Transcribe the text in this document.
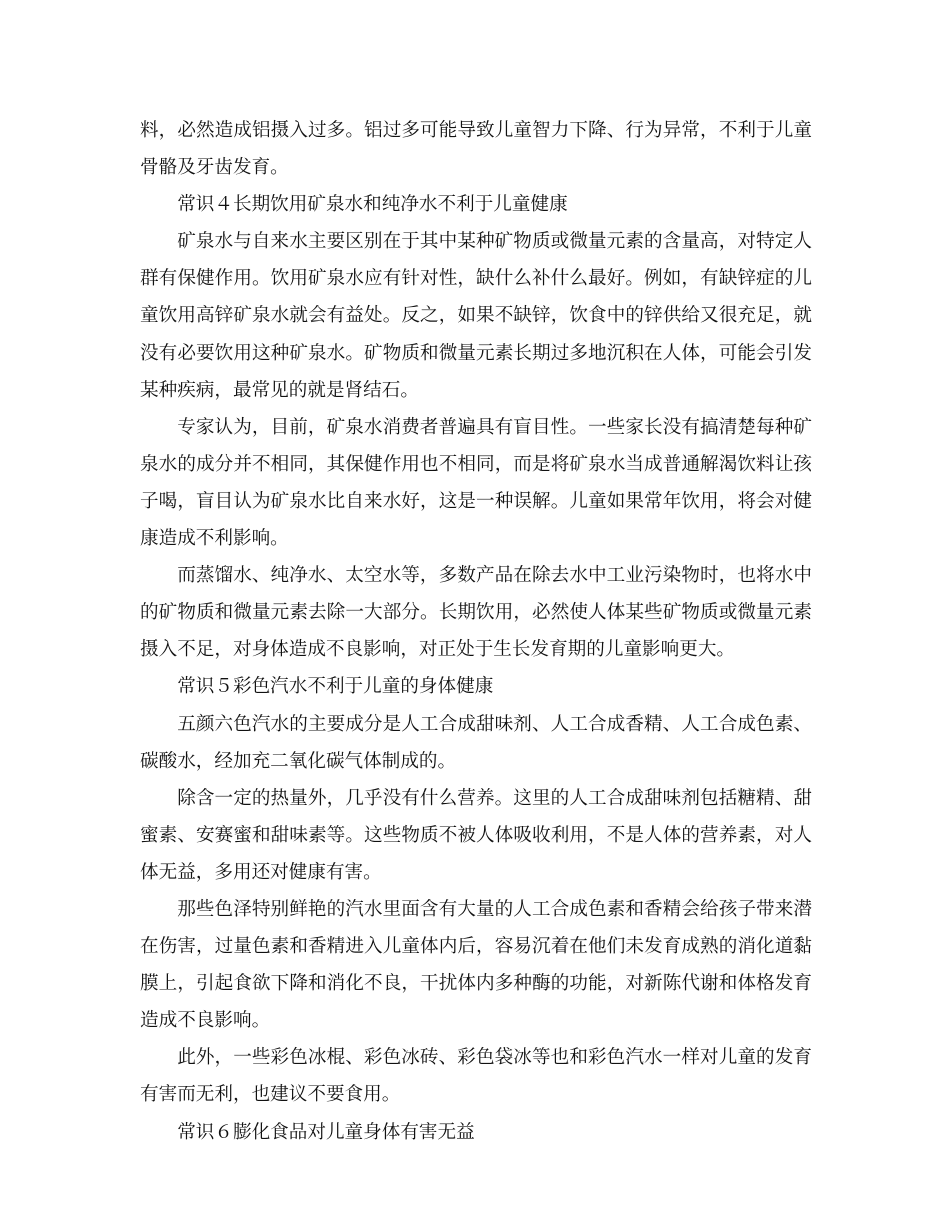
料，必然造成铝摄入过多。铝过多可能导致儿童智力下降、行为异常，不利于儿童骨骼及牙齿发育。

常识４长期饮用矿泉水和纯净水不利于儿童健康

矿泉水与自来水主要区别在于其中某种矿物质或微量元素的含量高，对特定人群有保健作用。饮用矿泉水应有针对性，缺什么补什么最好。例如，有缺锌症的儿童饮用高锌矿泉水就会有益处。反之，如果不缺锌，饮食中的锌供给又很充足，就没有必要饮用这种矿泉水。矿物质和微量元素长期过多地沉积在人体，可能会引发某种疾病，最常见的就是肾结石。

专家认为，目前，矿泉水消费者普遍具有盲目性。一些家长没有搞清楚每种矿泉水的成分并不相同，其保健作用也不相同，而是将矿泉水当成普通解渴饮料让孩子喝，盲目认为矿泉水比自来水好，这是一种误解。儿童如果常年饮用，将会对健康造成不利影响。

而蒸馏水、纯净水、太空水等，多数产品在除去水中工业污染物时，也将水中的矿物质和微量元素去除一大部分。长期饮用，必然使人体某些矿物质或微量元素摄入不足，对身体造成不良影响，对正处于生长发育期的儿童影响更大。

常识５彩色汽水不利于儿童的身体健康

五颜六色汽水的主要成分是人工合成甜味剂、人工合成香精、人工合成色素、碳酸水，经加充二氧化碳气体制成的。

除含一定的热量外，几乎没有什么营养。这里的人工合成甜味剂包括糖精、甜蜜素、安赛蜜和甜味素等。这些物质不被人体吸收利用，不是人体的营养素，对人体无益，多用还对健康有害。

那些色泽特别鲜艳的汽水里面含有大量的人工合成色素和香精会给孩子带来潜在伤害，过量色素和香精进入儿童体内后，容易沉着在他们未发育成熟的消化道黏膜上，引起食欲下降和消化不良，干扰体内多种酶的功能，对新陈代谢和体格发育造成不良影响。

此外，一些彩色冰棍、彩色冰砖、彩色袋冰等也和彩色汽水一样对儿童的发育有害而无利，也建议不要食用。

常识６膨化食品对儿童身体有害无益
